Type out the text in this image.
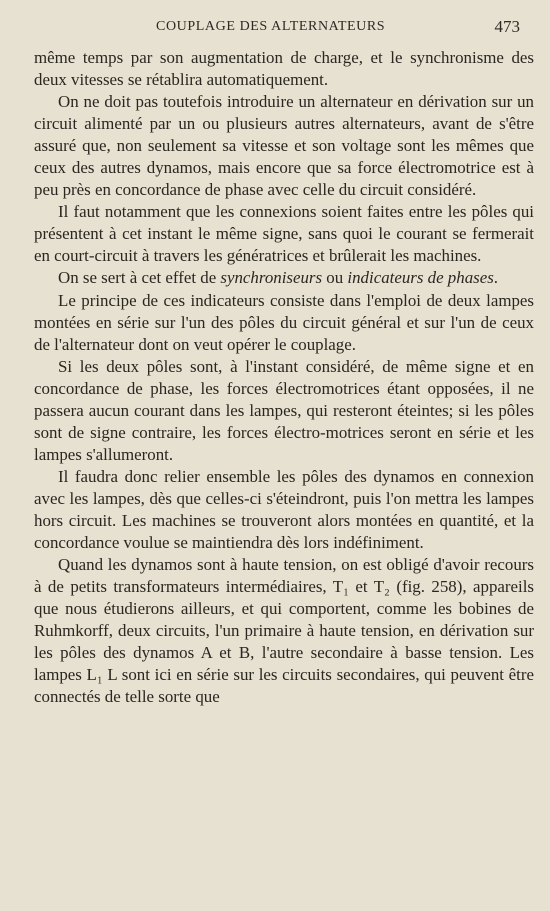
COUPLAGE DES ALTERNATEURS	473

même temps par son augmentation de charge, et le synchronisme des deux vitesses se rétablira automatiquement.

On ne doit pas toutefois introduire un alternateur en dérivation sur un circuit alimenté par un ou plusieurs autres alternateurs, avant de s'être assuré que, non seulement sa vitesse et son voltage sont les mêmes que ceux des autres dynamos, mais encore que sa force électromotrice est à peu près en concordance de phase avec celle du circuit considéré.

Il faut notamment que les connexions soient faites entre les pôles qui présentent à cet instant le même signe, sans quoi le courant se fermerait en court-circuit à travers les génératrices et brûlerait les machines.

On se sert à cet effet de synchroniseurs ou indicateurs de phases.

Le principe de ces indicateurs consiste dans l'emploi de deux lampes montées en série sur l'un des pôles du circuit général et sur l'un de ceux de l'alternateur dont on veut opérer le couplage.

Si les deux pôles sont, à l'instant considéré, de même signe et en concordance de phase, les forces électromotrices étant opposées, il ne passera aucun courant dans les lampes, qui resteront éteintes; si les pôles sont de signe contraire, les forces électro-motrices seront en série et les lampes s'allumeront.

Il faudra donc relier ensemble les pôles des dynamos en connexion avec les lampes, dès que celles-ci s'éteindront, puis l'on mettra les lampes hors circuit. Les machines se trouveront alors montées en quantité, et la concordance voulue se maintiendra dès lors indéfiniment.

Quand les dynamos sont à haute tension, on est obligé d'avoir recours à de petits transformateurs intermédiaires, T₁ et T₂ (fig. 258), appareils que nous étudierons ailleurs, et qui comportent, comme les bobines de Ruhmkorff, deux circuits, l'un primaire à haute tension, en dérivation sur les pôles des dynamos A et B, l'autre secondaire à basse tension. Les lampes L₁ L sont ici en série sur les circuits secondaires, qui peuvent être connectés de telle sorte que
